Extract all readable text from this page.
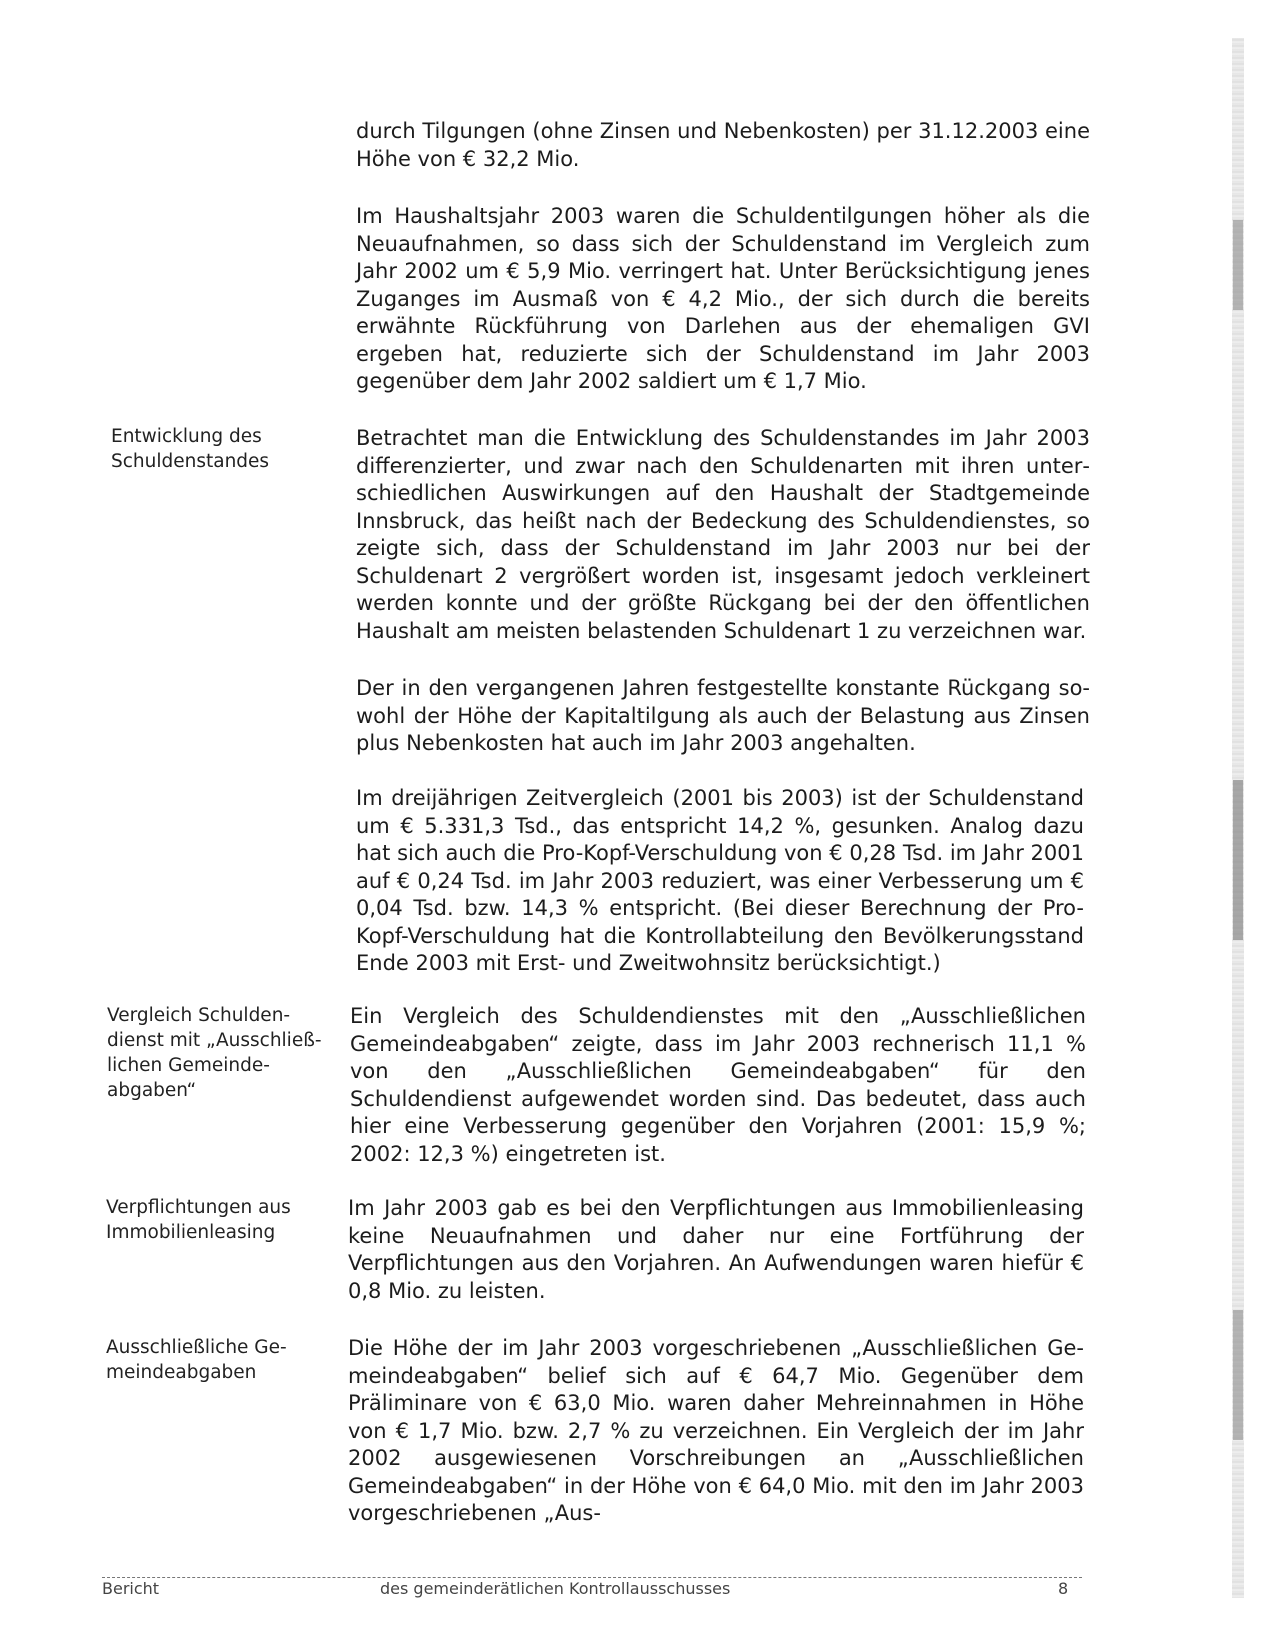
durch Tilgungen (ohne Zinsen und Nebenkosten) per 31.12.2003 eine Höhe von € 32,2 Mio.

Im Haushaltsjahr 2003 waren die Schuldentilgungen höher als die Neuaufnahmen, so dass sich der Schuldenstand im Vergleich zum Jahr 2002 um € 5,9 Mio. verringert hat. Unter Berücksichtigung jenes Zuganges im Ausmaß von € 4,2 Mio., der sich durch die bereits erwähnte Rückführung von Darlehen aus der ehemaligen GVI ergeben hat, reduzierte sich der Schuldenstand im Jahr 2003 gegenüber dem Jahr 2002 saldiert um € 1,7 Mio.

Entwicklung des Schuldenstandes

Betrachtet man die Entwicklung des Schuldenstandes im Jahr 2003 differenzierter, und zwar nach den Schuldenarten mit ihren unterschiedlichen Auswirkungen auf den Haushalt der Stadtgemeinde Innsbruck, das heißt nach der Bedeckung des Schuldendienstes, so zeigte sich, dass der Schuldenstand im Jahr 2003 nur bei der Schuldenart 2 vergrößert worden ist, insgesamt jedoch verkleinert werden konnte und der größte Rückgang bei der den öffentlichen Haushalt am meisten belastenden Schuldenart 1 zu verzeichnen war.

Der in den vergangenen Jahren festgestellte konstante Rückgang sowohl der Höhe der Kapitaltilgung als auch der Belastung aus Zinsen plus Nebenkosten hat auch im Jahr 2003 angehalten.

Im dreijährigen Zeitvergleich (2001 bis 2003) ist der Schuldenstand um € 5.331,3 Tsd., das entspricht 14,2 %, gesunken. Analog dazu hat sich auch die Pro-Kopf-Verschuldung von € 0,28 Tsd. im Jahr 2001 auf € 0,24 Tsd. im Jahr 2003 reduziert, was einer Verbesserung um € 0,04 Tsd. bzw. 14,3 % entspricht. (Bei dieser Berechnung der Pro-Kopf-Verschuldung hat die Kontrollabteilung den Bevölkerungsstand Ende 2003 mit Erst- und Zweitwohnsitz berücksichtigt.)

Vergleich Schuldendienst mit „Ausschließlichen Gemeindeabgaben“

Ein Vergleich des Schuldendienstes mit den „Ausschließlichen Gemeindeabgaben“ zeigte, dass im Jahr 2003 rechnerisch 11,1 % von den „Ausschließlichen Gemeindeabgaben“ für den Schuldendienst aufgewendet worden sind. Das bedeutet, dass auch hier eine Verbesserung gegenüber den Vorjahren (2001: 15,9 %; 2002: 12,3 %) eingetreten ist.

Verpflichtungen aus Immobilienleasing

Im Jahr 2003 gab es bei den Verpflichtungen aus Immobilienleasing keine Neuaufnahmen und daher nur eine Fortführung der Verpflichtungen aus den Vorjahren. An Aufwendungen waren hiefür € 0,8 Mio. zu leisten.

Ausschließliche Gemeindeabgaben

Die Höhe der im Jahr 2003 vorgeschriebenen „Ausschließlichen Gemeindeabgaben“ belief sich auf € 64,7 Mio. Gegenüber dem Präliminare von € 63,0 Mio. waren daher Mehreinnahmen in Höhe von € 1,7 Mio. bzw. 2,7 % zu verzeichnen. Ein Vergleich der im Jahr 2002 ausgewiesenen Vorschreibungen an „Ausschließlichen Gemeindeabgaben“ in der Höhe von € 64,0 Mio. mit den im Jahr 2003 vorgeschriebenen „Aus-

Bericht	des gemeinderätlichen Kontrollausschusses	8
